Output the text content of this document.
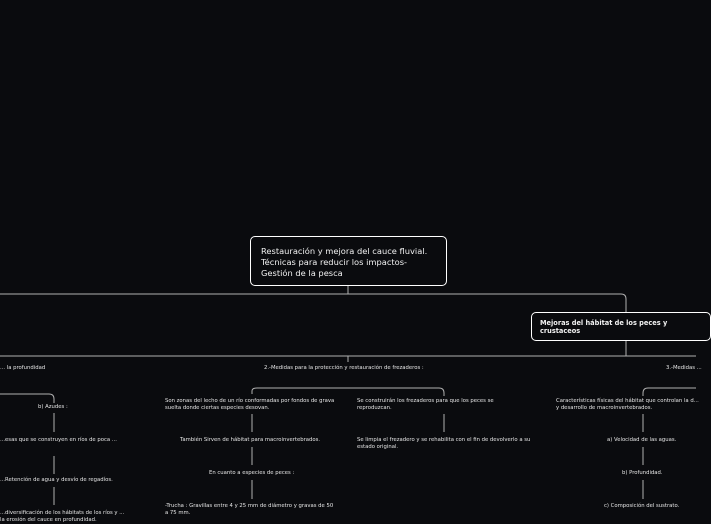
Restauración y mejora del cauce fluvial. Técnicas para reducir los impactos-Gestión de la pesca
Mejoras del hábitat de los peces y crustaceos
... la profundidad	2.-Medidas para la protección y restauración de frezaderos :	3.-Medidas ...
b) Azudes :
...esas que se construyen en ríos de poca ...
...Retención de agua y desvío de regadíos.
...diversificación de los hábitats de los ríos y ... la erosión del cauce en profundidad.
Son zonas del lecho de un río conformadas por fondos de grava suelta donde ciertas especies desovan.
También Sirven de hábitat para macroinvertebrados.
En cuanto a especies de peces :
-Trucha : Gravillas entre 4 y 25 mm de diámetro y gravas de 50 a 75 mm.
Se construirán los frezaderos para que los peces se reproduzcan.
Se limpia el frezadero y se rehabilita con el fin de devolverlo a su estado original.
Características físicas del hábitat que controlan la d... y desarrollo de macroinvertebrados.
a) Velocidad de las aguas.
b) Profundidad.
c) Composición del sustrato.
